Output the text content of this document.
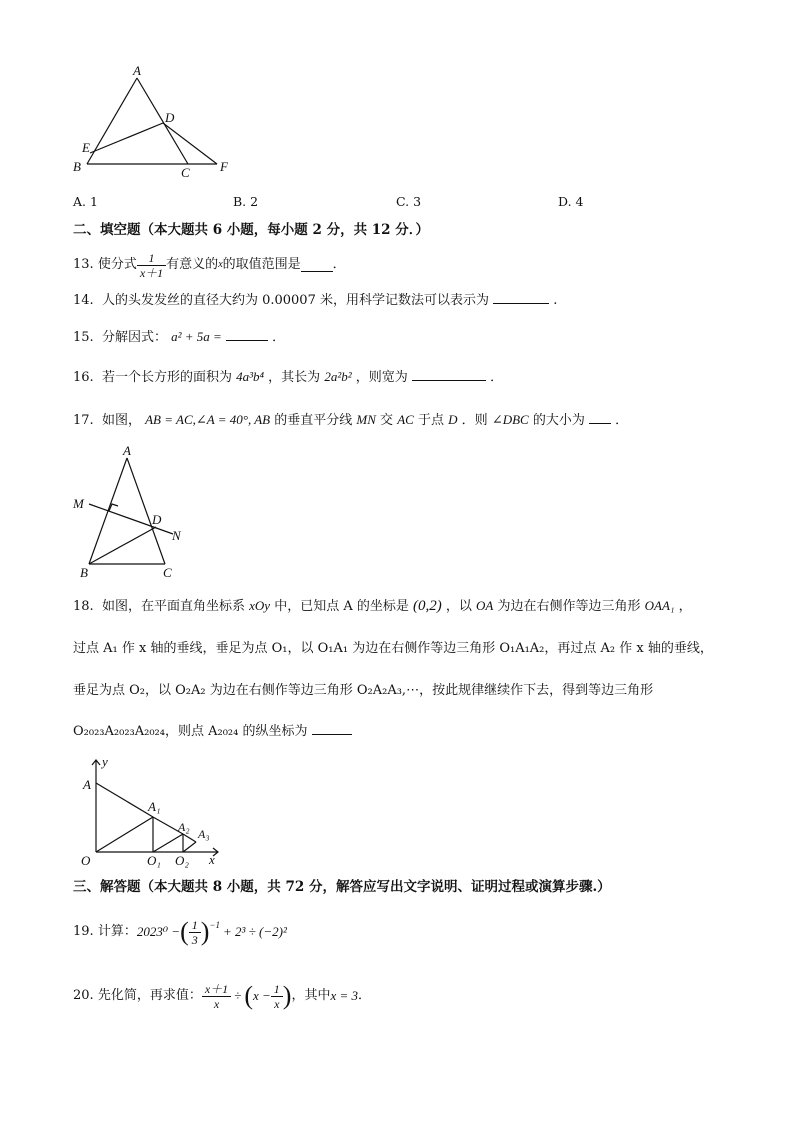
A
D
E
B	C F
A. 1	B. 2	C. 3	D. 4
二、填空题（本大题共 6 小题，每小题 2 分，共 12 分．）
13.
使分式 $\frac{1}{x+1}$ 有意义的 x 的取值范围是 ．
14. 人的头发发丝的直径大约为 0.00007 米，用科学记数法可以表示为	.
15. 分解因式： a² + 5a =	．
16. 若一个长方形的面积为 4a³b⁴ ，其长为 2a²b² ，则宽为	．
17. 如图， AB = AC,∠A = 40°, AB 的垂直平分线 MN 交 AC 于点 D ．则 ∠DBC 的大小为 ．
A
M
D
N
B	C
18. 如图，在平面直角坐标系 xOy 中，已知点 A 的坐标是 (0,2) ，以 OA 为边在右侧作等边三角形 OAA₁ ，
过点 A₁ 作 x 轴的垂线，垂足为点 O₁，以 O₁A₁ 为边在右侧作等边三角形 O₁A₁A₂，再过点 A₂ 作 x 轴的垂线，
垂足为点 O₂，以 O₂A₂ 为边在右侧作等边三角形 O₂A₂A₃,⋯，按此规律继续作下去，得到等边三角形
O₂₀₂₃A₂₀₂₃A₂₀₂₄，则点 A₂₀₂₄ 的纵坐标为
y
A
A₁
A₂ A₃
O	O₁ O₂ x
三、解答题（本大题共 8 小题，共 72 分，解答应写出文字说明、证明过程或演算步骤.）
19.
计算： 2023⁰ − ( $\frac{1}{3} )^{-1} + 2^3 \div (-2)^2$
20.
先化简，再求值： $\frac{x+1}{x}$ ÷ ( $x - \frac{1}{x}$ ) ，其中 x = 3 ．
